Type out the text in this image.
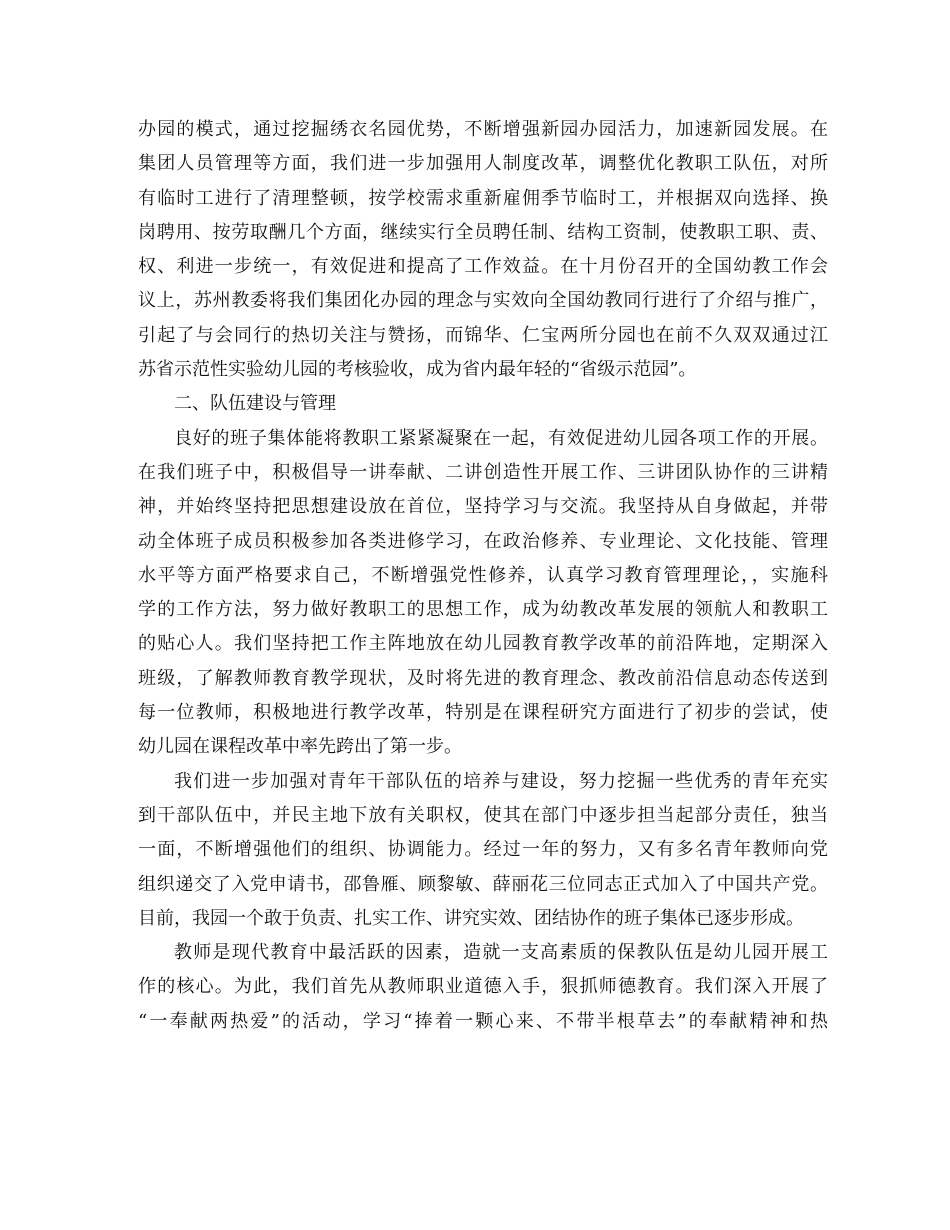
办园的模式，通过挖掘绣衣名园优势，不断增强新园办园活力，加速新园发展。在
集团人员管理等方面，我们进一步加强用人制度改革，调整优化教职工队伍，对所
有临时工进行了清理整顿，按学校需求重新雇佣季节临时工，并根据双向选择、换
岗聘用、按劳取酬几个方面，继续实行全员聘任制、结构工资制，使教职工职、责、
权、利进一步统一，有效促进和提高了工作效益。在十月份召开的全国幼教工作会
议上，苏州教委将我们集团化办园的理念与实效向全国幼教同行进行了介绍与推广，
引起了与会同行的热切关注与赞扬，而锦华、仁宝两所分园也在前不久双双通过江
苏省示范性实验幼儿园的考核验收，成为省内最年轻的“省级示范园”。
二、队伍建设与管理
良好的班子集体能将教职工紧紧凝聚在一起，有效促进幼儿园各项工作的开展。
在我们班子中，积极倡导一讲奉献、二讲创造性开展工作、三讲团队协作的三讲精
神，并始终坚持把思想建设放在首位，坚持学习与交流。我坚持从自身做起，并带
动全体班子成员积极参加各类进修学习，在政治修养、专业理论、文化技能、管理
水平等方面严格要求自己，不断增强党性修养，认真学习教育管理理论，，实施科
学的工作方法，努力做好教职工的思想工作，成为幼教改革发展的领航人和教职工
的贴心人。我们坚持把工作主阵地放在幼儿园教育教学改革的前沿阵地，定期深入
班级，了解教师教育教学现状，及时将先进的教育理念、教改前沿信息动态传送到
每一位教师，积极地进行教学改革，特别是在课程研究方面进行了初步的尝试，使
幼儿园在课程改革中率先跨出了第一步。
我们进一步加强对青年干部队伍的培养与建设，努力挖掘一些优秀的青年充实
到干部队伍中，并民主地下放有关职权，使其在部门中逐步担当起部分责任，独当
一面，不断增强他们的组织、协调能力。经过一年的努力，又有多名青年教师向党
组织递交了入党申请书，邵鲁雁、顾黎敏、薛丽花三位同志正式加入了中国共产党。
目前，我园一个敢于负责、扎实工作、讲究实效、团结协作的班子集体已逐步形成。
教师是现代教育中最活跃的因素，造就一支高素质的保教队伍是幼儿园开展工
作的核心。为此，我们首先从教师职业道德入手，狠抓师德教育。我们深入开展了
“一奉献两热爱”的活动，学习“捧着一颗心来、不带半根草去”的奉献精神和热
